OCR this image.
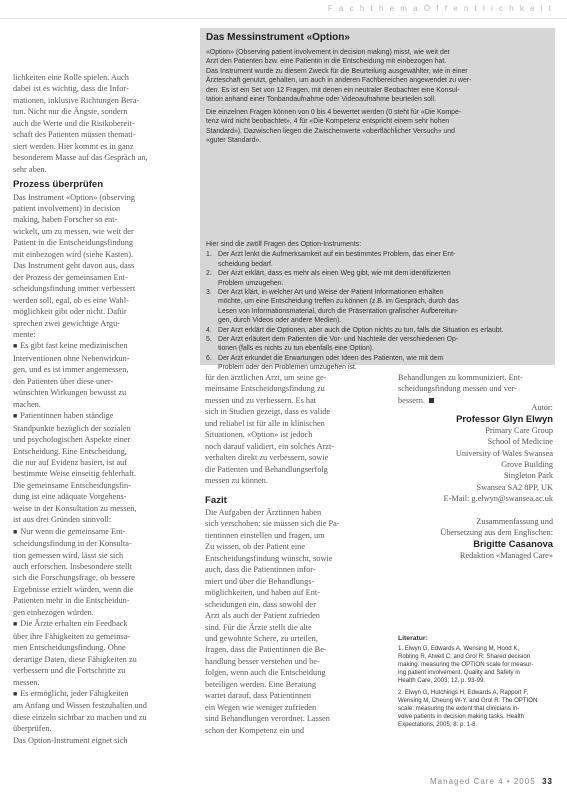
F a c h t h e m a Ö f f e n t l i c h k e i t

lichkeiten eine Rolle spielen. Auch
dabei ist es wichtig, dass die Infor-
mationen, inklusive Richtungen Bera-
tun. Nicht nur die Ängste, sondern
auch die Werte und die Risikobereit-
schaft des Patienten müssen themati-
siert werden. Hier kommt es in ganz
besonderem Masse auf das Gespräch an,
sehr aben.

Prozess überprüfen

Das Instrument «Option» (observing
patient involvement) in decision
making, haben Forscher so ent-
wickelt, um zu messen, wie weit der
Patient in die Entscheidungsfindung
mit einbezogen wird (siehe Kasten).
Das Instrument geht davon aus, dass
der Prozess der gemeinsamen Ent-
scheidungsfindung immer verbessert
werden soll, egal, ob es eine Wahl-
möglichkeit gibt oder nicht. Dafür
sprechen zwei gewichtige Argu-
mente:

■ Es gibt fast keine medizinischen
Interventionen ohne Nebenwirkun-
gen, und es ist immer angemessen,
den Patienten über diese uner-
wünschten Wirkungen bewusst zu
machen.

■ Patientinnen haben ständige
Standpunkte bezüglich der sozialen
und psychologischen Aspekte einer
Entscheidung. Eine Entscheidung,
die nur auf Evidenz basiert, ist auf
bestimmte Weise einseitig fehlerhaft.
Die gemeinsame Entscheidungsfin-
dung ist eine adäquate Vorgehens-
weise in der Konsultation zu messen,
ist aus drei Gründen sinnvoll:

■ Nur wenn die gemeinsame Ent-
scheidungsfindung in der Konsulta-
tion gemessen wird, lässt sie sich
auch erforschen. Insbesondere stellt
sich die Forschungsfrage, ob bessere
Ergebnisse erzielt würden, wenn die
Patienten mehr in die Entscheidun-
gen einbezogen würden.

■ Die Ärzte erhalten ein Feedback
über ihre Fähigkeiten zu gemeinsa-
men Entscheidungsfindung. Ohne
derartige Daten, diese Fähigkeiten zu
verbessern und die Fortschritte zu
messen.

■ Es ermöglicht, jeder Fähigkeiten
am Anfang und Wissen festzuhalten und
diese einzeln sichtbar zu machen und zu
überprüfen.

Das Option-Instrument eignet sich

Das Messinstrument «Option»
«Option» (Observing patient involvement in decision making) misst, wie weit der
Arzt den Patienten bzw. eine Patientin in die Entscheidung mit einbezogen hat.
Das Instrument wurde zu diesem Zweck für die Beurteilung ausgewählter, wie in einer
Ärzteschaft genutzt, gehalten, um auch in anderen Fachbereichen angewendet zu wer-
den. Es ist ein Set von 12 Fragen, mit denen ein neutraler Beobachter eine Konsul-
tation anhand einer Tonbandaufnahme oder Videoaufnahme beurteilen soll.
Die einzelnen Fragen können von 0 bis 4 bewertet werden (0 steht für «Die Kompe-
tenz wird nicht beobachtet», 4 für «Die Kompetenz entspricht einem sehr hohen
Standard»). Dazwischen liegen die Zwischenwerte «oberflächlicher Versuch» und
«guter Standard».
Hier sind die zwölf Fragen des Option-Instruments:
1. Der Arzt lenkt die Aufmerksamkeit auf ein bestimmtes Problem, das einer Ent-
scheidung bedarf.
2. Der Arzt erklärt, dass es mehr als einen Weg gibt, wie mit dem identifizierten
Problem umzugehen.
3. Der Arzt klärt, in welcher Art und Weise der Patient Informationen erhalten
möchte, um eine Entscheidung treffen zu können (z.B. im Gespräch, durch das
Lesen von Informationsmaterial, durch die Präsentation grafischer Aufbereitun-
gen, durch Videos oder andere Medien).
4. Der Arzt erklärt die Optionen, aber auch die Option nichts zu tun, falls die Situation es erlaubt.
5. Der Arzt erläutert dem Patienten die Vor- und Nachteile der verschiedenen Op-
tionen (falls es nichts zu tun ebenfalls eine Option).
6. Der Arzt erkundet die Erwartungen oder Ideen des Patienten, wie mit dem
Problem oder den Problemen umzugehen ist.

für den ärztlichen Arzt, um seine ge-
meinsame Entscheidungsfindung zu
messen und zu verbessern. Es hat
sich in Studien gezeigt, dass es valide
und reliabel ist für alle in klinischen
Situationen. «Option» ist jedoch
noch darauf validiert, ein solches Arzt-
verhalten direkt zu verbessern, sowie
die Patienten und Behandlungserfolg
messen zu können.

Fazit

Die Aufgaben der Ärztinnen haben
sich verschoben: sie müssen sich die Pa-
tientinnen einstellen und fragen, um
Zu wissen, ob der Patient eine
Entscheidungsfindung wünscht, sowie
auch, dass die Patientinnen infor-
miert und über die Behandlungs-
möglichkeiten, und haben auf Ent-
scheidungen ein, dass sowohl der
Arzt als auch der Patient zufrieden
sind. Für die Ärzte stellt die alte
und gewohnte Schere, zu urteilen,
fragen, dass die Patientinnen die Be-
handlung besser verstehen und be-
folgen, wenn auch die Entscheidung
beteiligen werden. Eine Beratung
wartet darauf, dass Patientinnen
ein Wegen wie weniger zufrieden
sind Behandlungen verordnet. Lassen
schon der Kompetenz ein und

Behandlungen zu kommuniziert. Ent-
scheidungsfindung messen und ver-
bessern.

Autor:
Professor Glyn Elwyn
Primary Care Group
School of Medicine
University of Wales Swansea
Grove Building
Singleton Park
Swansea SA2 8PP, UK
E-Mail: g.elwyn@swansea.ac.uk
Zusammenfassung und
Übersetzung aus dem Englischen:
Brigitte Casanova
Redaktion «Managed Care»
Literatur:

1. Elwyn G, Edwards A, Wensing M, Hood K,
Robling R, Atwell C, and Grol R: Shared decision
making: measuring the OPTION scale for measur-
ing patient involvement. Quality and Safety in
Health Care, 2003; 12, p. 93-99.

2. Elwyn G, Hutchings H, Edwards A, Rapport F,
Wensing M, Cheung W-Y, and Grol R: The OPTION
scale: measuring the extent that clinicians in-
volve patients in decision making tasks. Health
Expectations, 2005; 8: p. 1-8.

Managed Care 4 • 2005 33
